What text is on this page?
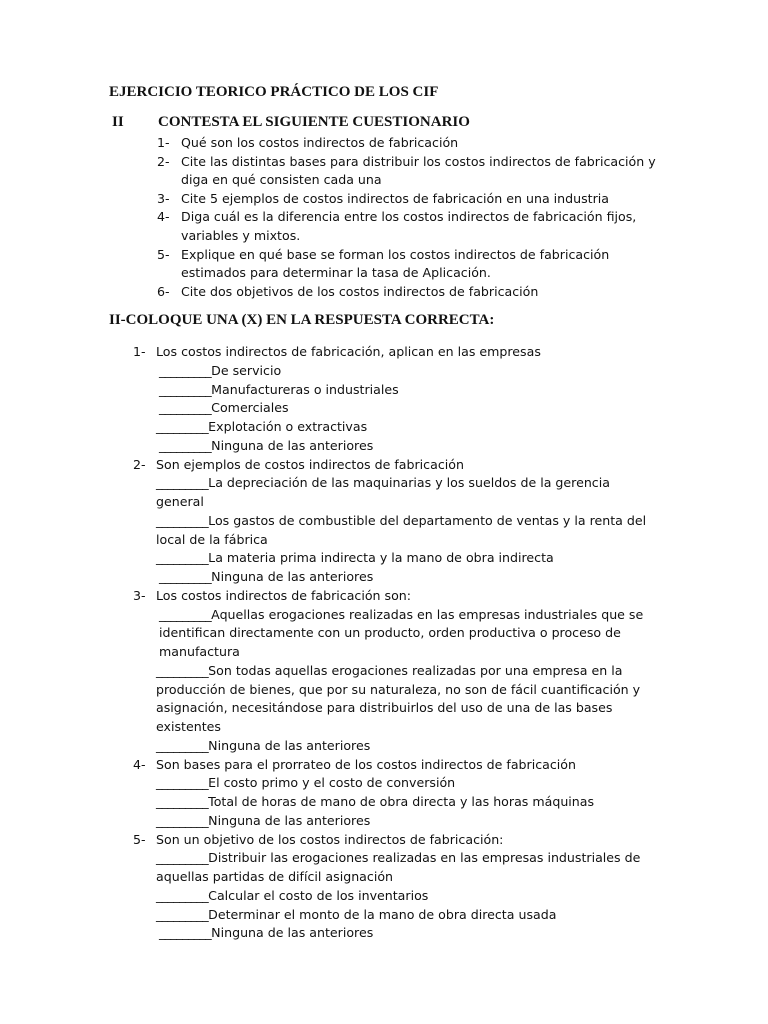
EJERCICIO TEORICO PRÁCTICO DE LOS CIF
II CONTESTA EL SIGUIENTE CUESTIONARIO
1- Qué son los costos indirectos de fabricación
2- Cite las distintas bases para distribuir los costos indirectos de fabricación y diga en qué consisten cada una
3- Cite 5 ejemplos de costos indirectos de fabricación en una industria
4- Diga cuál es la diferencia entre los costos indirectos de fabricación fijos, variables y mixtos.
5- Explique en qué base se forman los costos indirectos de fabricación estimados para determinar la tasa de Aplicación.
6- Cite dos objetivos de los costos indirectos de fabricación
II-COLOQUE UNA (X) EN LA RESPUESTA CORRECTA:
1- Los costos indirectos de fabricación, aplican en las empresas
_________De servicio
_________Manufactureras o industriales
_________Comerciales
_________Explotación o extractivas
_________Ninguna de las anteriores
2- Son ejemplos de costos indirectos de fabricación
_________La depreciación de las maquinarias y los sueldos de la gerencia general
_________Los gastos de combustible del departamento de ventas y la renta del local de la fábrica
_________La materia prima indirecta y la mano de obra indirecta
_________Ninguna de las anteriores
3- Los costos indirectos de fabricación son:
_________Aquellas erogaciones realizadas en las empresas industriales que se identifican directamente con un producto, orden productiva o proceso de manufactura
_________Son todas aquellas erogaciones realizadas por una empresa en la producción de bienes, que por su naturaleza, no son de fácil cuantificación y asignación, necesitándose para distribuirlos del uso de una de las bases existentes
_________Ninguna de las anteriores
4- Son bases para el prorrateo de los costos indirectos de fabricación
_________El costo primo y el costo de conversión
_________Total de horas de mano de obra directa y las horas máquinas
_________Ninguna de las anteriores
5- Son un objetivo de los costos indirectos de fabricación:
_________Distribuir las erogaciones realizadas en las empresas industriales de aquellas partidas de difícil asignación
_________Calcular el costo de los inventarios
_________Determinar el monto de la mano de obra directa usada
_________Ninguna de las anteriores
